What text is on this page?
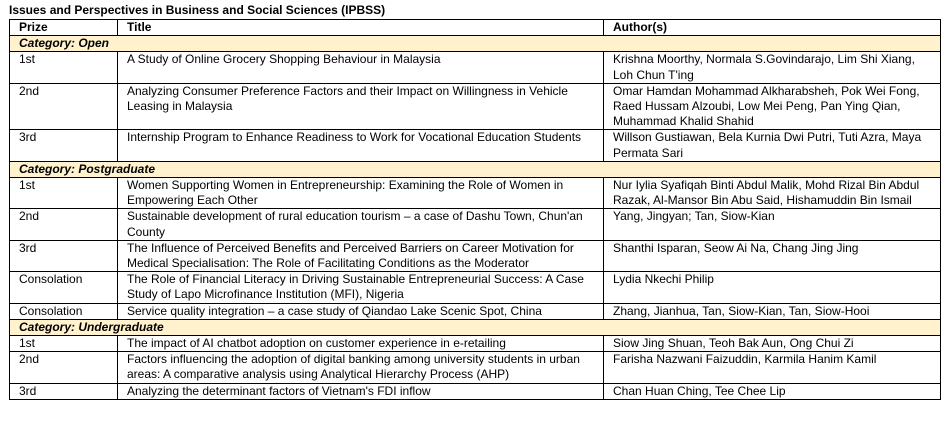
Issues and Perspectives in Business and Social Sciences (IPBSS)
Prize	Title	Author(s)
Category: Open		
1st	A Study of Online Grocery Shopping Behaviour in Malaysia	Krishna Moorthy, Normala S.Govindarajo, Lim Shi Xiang, Loh Chun T'ing
2nd	Analyzing Consumer Preference Factors and their Impact on Willingness in Vehicle Leasing in Malaysia	Omar Hamdan Mohammad Alkharabsheh, Pok Wei Fong, Raed Hussam Alzoubi, Low Mei Peng, Pan Ying Qian, Muhammad Khalid Shahid
3rd	Internship Program to Enhance Readiness to Work for Vocational Education Students	Willson Gustiawan, Bela Kurnia Dwi Putri, Tuti Azra, Maya Permata Sari
Category: Postgraduate		
1st	Women Supporting Women in Entrepreneurship: Examining the Role of Women in Empowering Each Other	Nur Iylia Syafiqah Binti Abdul Malik, Mohd Rizal Bin Abdul Razak, Al-Mansor Bin Abu Said, Hishamuddin Bin Ismail
2nd	Sustainable development of rural education tourism – a case of Dashu Town, Chun'an County	Yang, Jingyan; Tan, Siow-Kian
3rd	The Influence of Perceived Benefits and Perceived Barriers on Career Motivation for Medical Specialisation: The Role of Facilitating Conditions as the Moderator	Shanthi Isparan, Seow Ai Na, Chang Jing Jing
Consolation	The Role of Financial Literacy in Driving Sustainable Entrepreneurial Success: A Case Study of Lapo Microfinance Institution (MFI), Nigeria	Lydia Nkechi Philip
Consolation	Service quality integration – a case study of Qiandao Lake Scenic Spot, China	Zhang, Jianhua, Tan, Siow-Kian, Tan, Siow-Hooi
Category: Undergraduate		
1st	The impact of AI chatbot adoption on customer experience in e-retailing	Siow Jing Shuan, Teoh Bak Aun, Ong Chui Zi
2nd	Factors influencing the adoption of digital banking among university students in urban areas: A comparative analysis using Analytical Hierarchy Process (AHP)	Farisha Nazwani Faizuddin, Karmila Hanim Kamil
3rd	Analyzing the determinant factors of Vietnam's FDI inflow	Chan Huan Ching, Tee Chee Lip
